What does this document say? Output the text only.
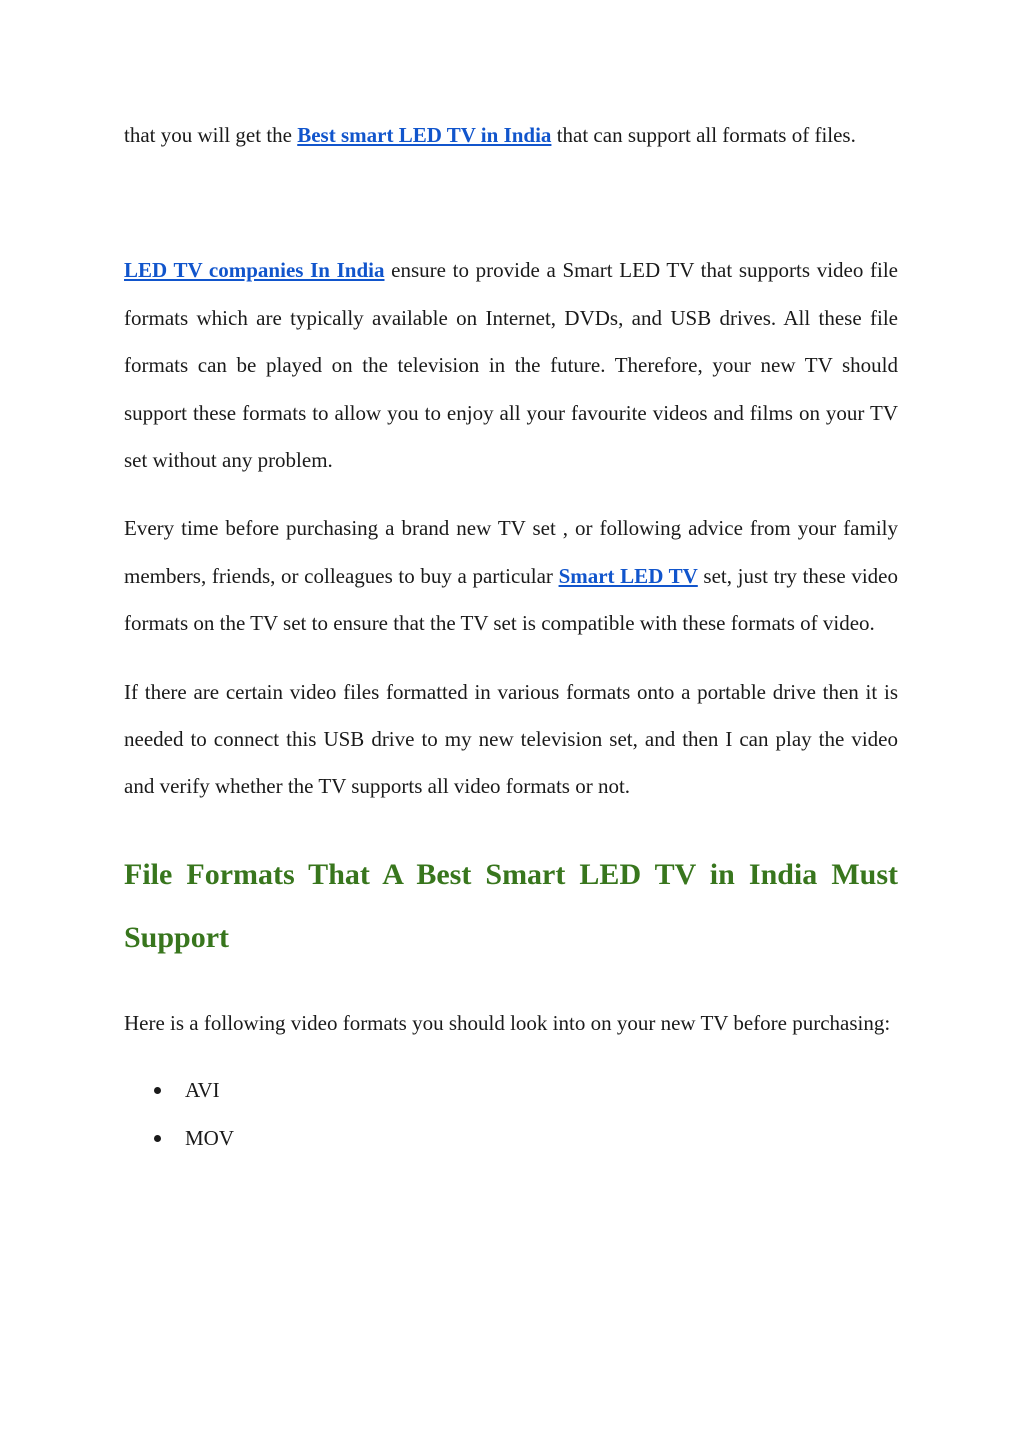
that you will get the Best smart LED TV in India that can support all formats of files.

LED TV companies In India ensure to provide a Smart LED TV that supports video file formats which are typically available on Internet, DVDs, and USB drives. All these file formats can be played on the television in the future. Therefore, your new TV should support these formats to allow you to enjoy all your favourite videos and films on your TV set without any problem.

Every time before purchasing a brand new TV set , or following advice from your family members, friends, or colleagues to buy a particular Smart LED TV set, just try these video formats on the TV set to ensure that the TV set is compatible with these formats of video.

If there are certain video files formatted in various formats onto a portable drive then it is needed to connect this USB drive to my new television set, and then I can play the video and verify whether the TV supports all video formats or not.

File Formats That A Best Smart LED TV in India Must Support

Here is a following video formats you should look into on your new TV before purchasing:

AVI
MOV
